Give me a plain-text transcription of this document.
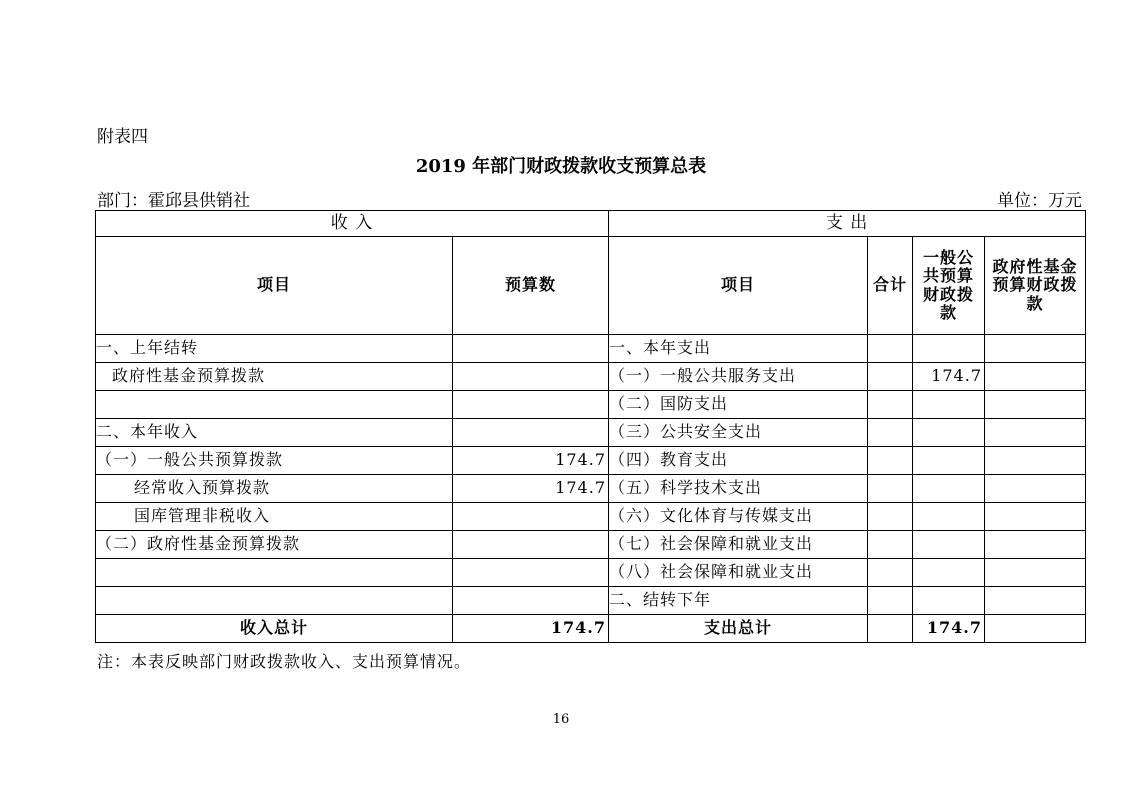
附表四
2019 年部门财政拨款收支预算总表
部门：霍邱县供销社	单位：万元
收 入		支 出			
项目	预算数	项目	合计	一般公共预算财政拨款	政府性基金预算财政拨款
一、上年结转		一、本年支出			
政府性基金预算拨款		（一）一般公共服务支出		174.7	
		（二）国防支出			
二、本年收入		（三）公共安全支出			
（一）一般公共预算拨款	174.7	（四）教育支出			
经常收入预算拨款	174.7	（五）科学技术支出			
国库管理非税收入		（六）文化体育与传媒支出			
（二）政府性基金预算拨款		（七）社会保障和就业支出			
		（八）社会保障和就业支出			
		二、结转下年			
收入总计	174.7	支出总计		174.7	
注：本表反映部门财政拨款收入、支出预算情况。
16
